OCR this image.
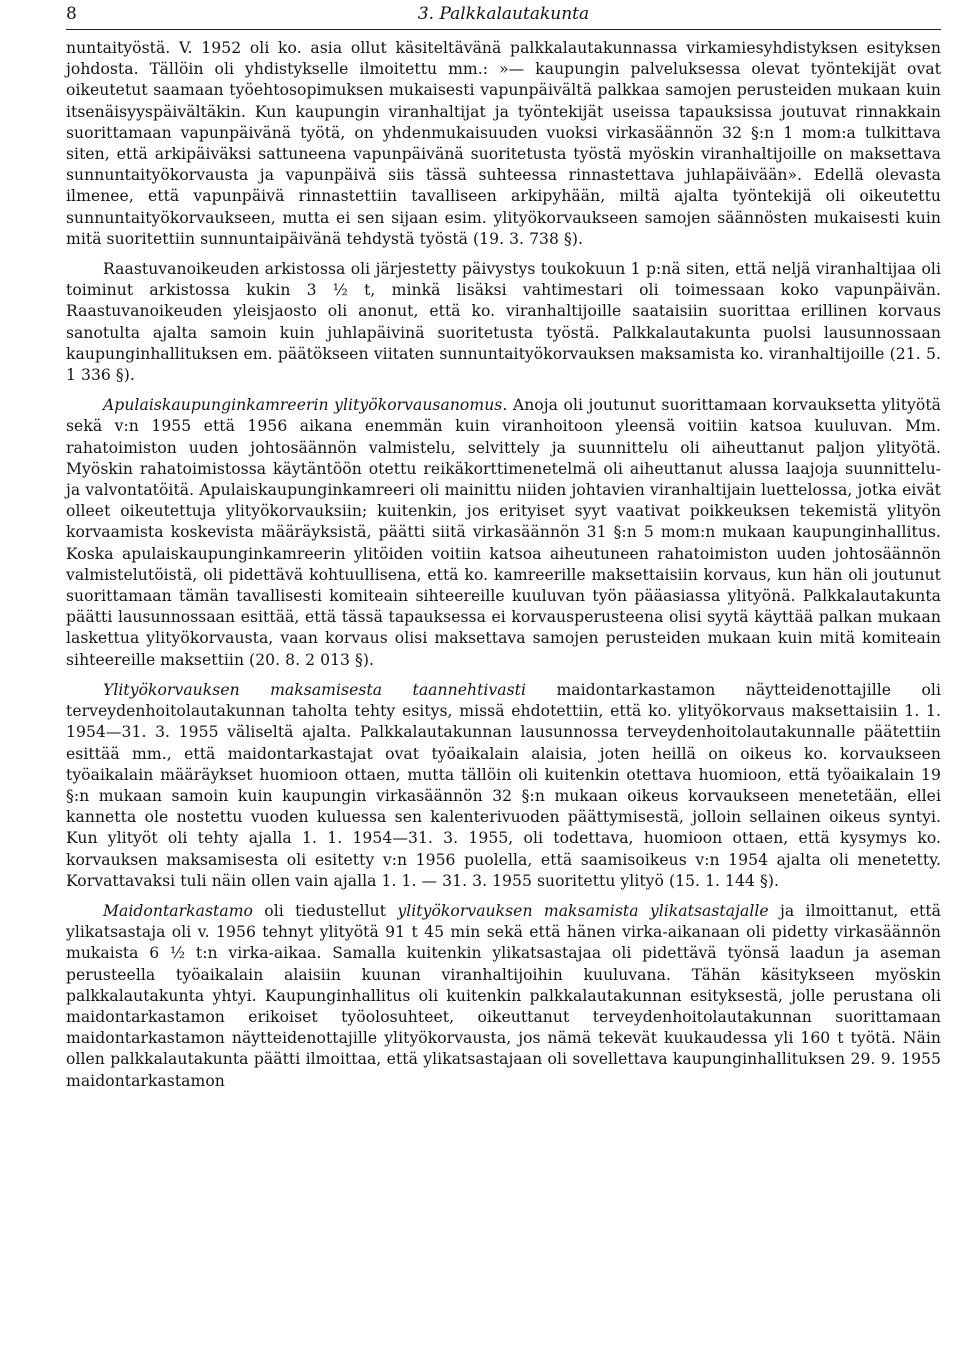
8	3. Palkkalautakunta

nuntaityöstä. V. 1952 oli ko. asia ollut käsiteltävänä palkkalautakunnassa virkamiesyhdistyksen esityksen johdosta. Tällöin oli yhdistykselle ilmoitettu mm.: »— kaupungin palveluksessa olevat työntekijät ovat oikeutetut saamaan työehtosopimuksen mukaisesti vapunpäivältä palkkaa samojen perusteiden mukaan kuin itsenäisyyspäivältäkin. Kun kaupungin viranhaltijat ja työntekijät useissa tapauksissa joutuvat rinnakkain suorittamaan vapunpäivänä työtä, on yhdenmukaisuuden vuoksi virkasäännön 32 §:n 1 mom:a tulkittava siten, että arkipäiväksi sattuneena vapunpäivänä suoritetusta työstä myöskin viranhaltijoille on maksettava sunnuntaityökorvausta ja vapunpäivä siis tässä suhteessa rinnastettava juhlapäivään». Edellä olevasta ilmenee, että vapunpäivä rinnastettiin tavalliseen arkipyhään, miltä ajalta työntekijä oli oikeutettu sunnuntaityökorvaukseen, mutta ei sen sijaan esim. ylityökorvaukseen samojen säännösten mukaisesti kuin mitä suoritettiin sunnuntaipäivänä tehdystä työstä (19. 3. 738 §).

Raastuvanoikeuden arkistossa oli järjestetty päivystys toukokuun 1 p:nä siten, että neljä viranhaltijaa oli toiminut arkistossa kukin 3 ½ t, minkä lisäksi vahtimestari oli toimessaan koko vapunpäivän. Raastuvanoikeuden yleisjaosto oli anonut, että ko. viranhaltijoille saataisiin suorittaa erillinen korvaus sanotulta ajalta samoin kuin juhlapäivinä suoritetusta työstä. Palkkalautakunta puolsi lausunnossaan kaupunginhallituksen em. päätökseen viitaten sunnuntaityökorvauksen maksamista ko. viranhaltijoille (21. 5. 1 336 §).

Apulaiskaupunginkamreerin ylityökorvausanomus. Anoja oli joutunut suorittamaan korvauksetta ylityötä sekä v:n 1955 että 1956 aikana enemmän kuin viranhoitoon yleensä voitiin katsoa kuuluvan. Mm. rahatoimiston uuden johtosäännön valmistelu, selvittely ja suunnittelu oli aiheuttanut paljon ylityötä. Myöskin rahatoimistossa käytäntöön otettu reikäkorttimenetelmä oli aiheuttanut alussa laajoja suunnittelu- ja valvontatöitä. Apulaiskaupunginkamreeri oli mainittu niiden johtavien viranhaltijain luettelossa, jotka eivät olleet oikeutettuja ylityökorvauksiin; kuitenkin, jos erityiset syyt vaativat poikkeuksen tekemistä ylityön korvaamista koskevista määräyksistä, päätti siitä virkasäännön 31 §:n 5 mom:n mukaan kaupunginhallitus. Koska apulaiskaupunginkamreerin ylitöiden voitiin katsoa aiheutuneen rahatoimiston uuden johtosäännön valmistelutöistä, oli pidettävä kohtuullisena, että ko. kamreerille maksettaisiin korvaus, kun hän oli joutunut suorittamaan tämän tavallisesti komiteain sihteereille kuuluvan työn pääasiassa ylityönä. Palkkalautakunta päätti lausunnossaan esittää, että tässä tapauksessa ei korvausperusteena olisi syytä käyttää palkan mukaan laskettua ylityökorvausta, vaan korvaus olisi maksettava samojen perusteiden mukaan kuin mitä komiteain sihteereille maksettiin (20. 8. 2 013 §).

Ylityökorvauksen maksamisesta taannehtivasti maidontarkastamon näytteidenottajille oli terveydenhoitolautakunnan taholta tehty esitys, missä ehdotettiin, että ko. ylityökorvaus maksettaisiin 1. 1. 1954—31. 3. 1955 väliseltä ajalta. Palkkalautakunnan lausunnossa terveydenhoitolautakunnalle päätettiin esittää mm., että maidontarkastajat ovat työaikalain alaisia, joten heillä on oikeus ko. korvaukseen työaikalain määräykset huomioon ottaen, mutta tällöin oli kuitenkin otettava huomioon, että työaikalain 19 §:n mukaan samoin kuin kaupungin virkasäännön 32 §:n mukaan oikeus korvaukseen menetetään, ellei kannetta ole nostettu vuoden kuluessa sen kalenterivuoden päättymisestä, jolloin sellainen oikeus syntyi. Kun ylityöt oli tehty ajalla 1. 1. 1954—31. 3. 1955, oli todettava, huomioon ottaen, että kysymys ko. korvauksen maksamisesta oli esitetty v:n 1956 puolella, että saamisoikeus v:n 1954 ajalta oli menetetty. Korvattavaksi tuli näin ollen vain ajalla 1. 1. — 31. 3. 1955 suoritettu ylityö (15. 1. 144 §).

Maidontarkastamo oli tiedustellut ylityökorvauksen maksamista ylikatsastajalle ja ilmoittanut, että ylikatsastaja oli v. 1956 tehnyt ylityötä 91 t 45 min sekä että hänen virka-aikanaan oli pidetty virkasäännön mukaista 6 ½ t:n virka-aikaa. Samalla kuitenkin ylikatsastajaa oli pidettävä työnsä laadun ja aseman perusteella työaikalain alaisiin kuunan viranhaltijoihin kuuluvana. Tähän käsitykseen myöskin palkkalautakunta yhtyi. Kaupunginhallitus oli kuitenkin palkkalautakunnan esityksestä, jolle perustana oli maidontarkastamon erikoiset työolosuhteet, oikeuttanut terveydenhoitolautakunnan suorittamaan maidontarkastamon näytteidenottajille ylityökorvausta, jos nämä tekevät kuukaudessa yli 160 t työtä. Näin ollen palkkalautakunta päätti ilmoittaa, että ylikatsastajaan oli sovellettava kaupunginhallituksen 29. 9. 1955 maidontarkastamon
